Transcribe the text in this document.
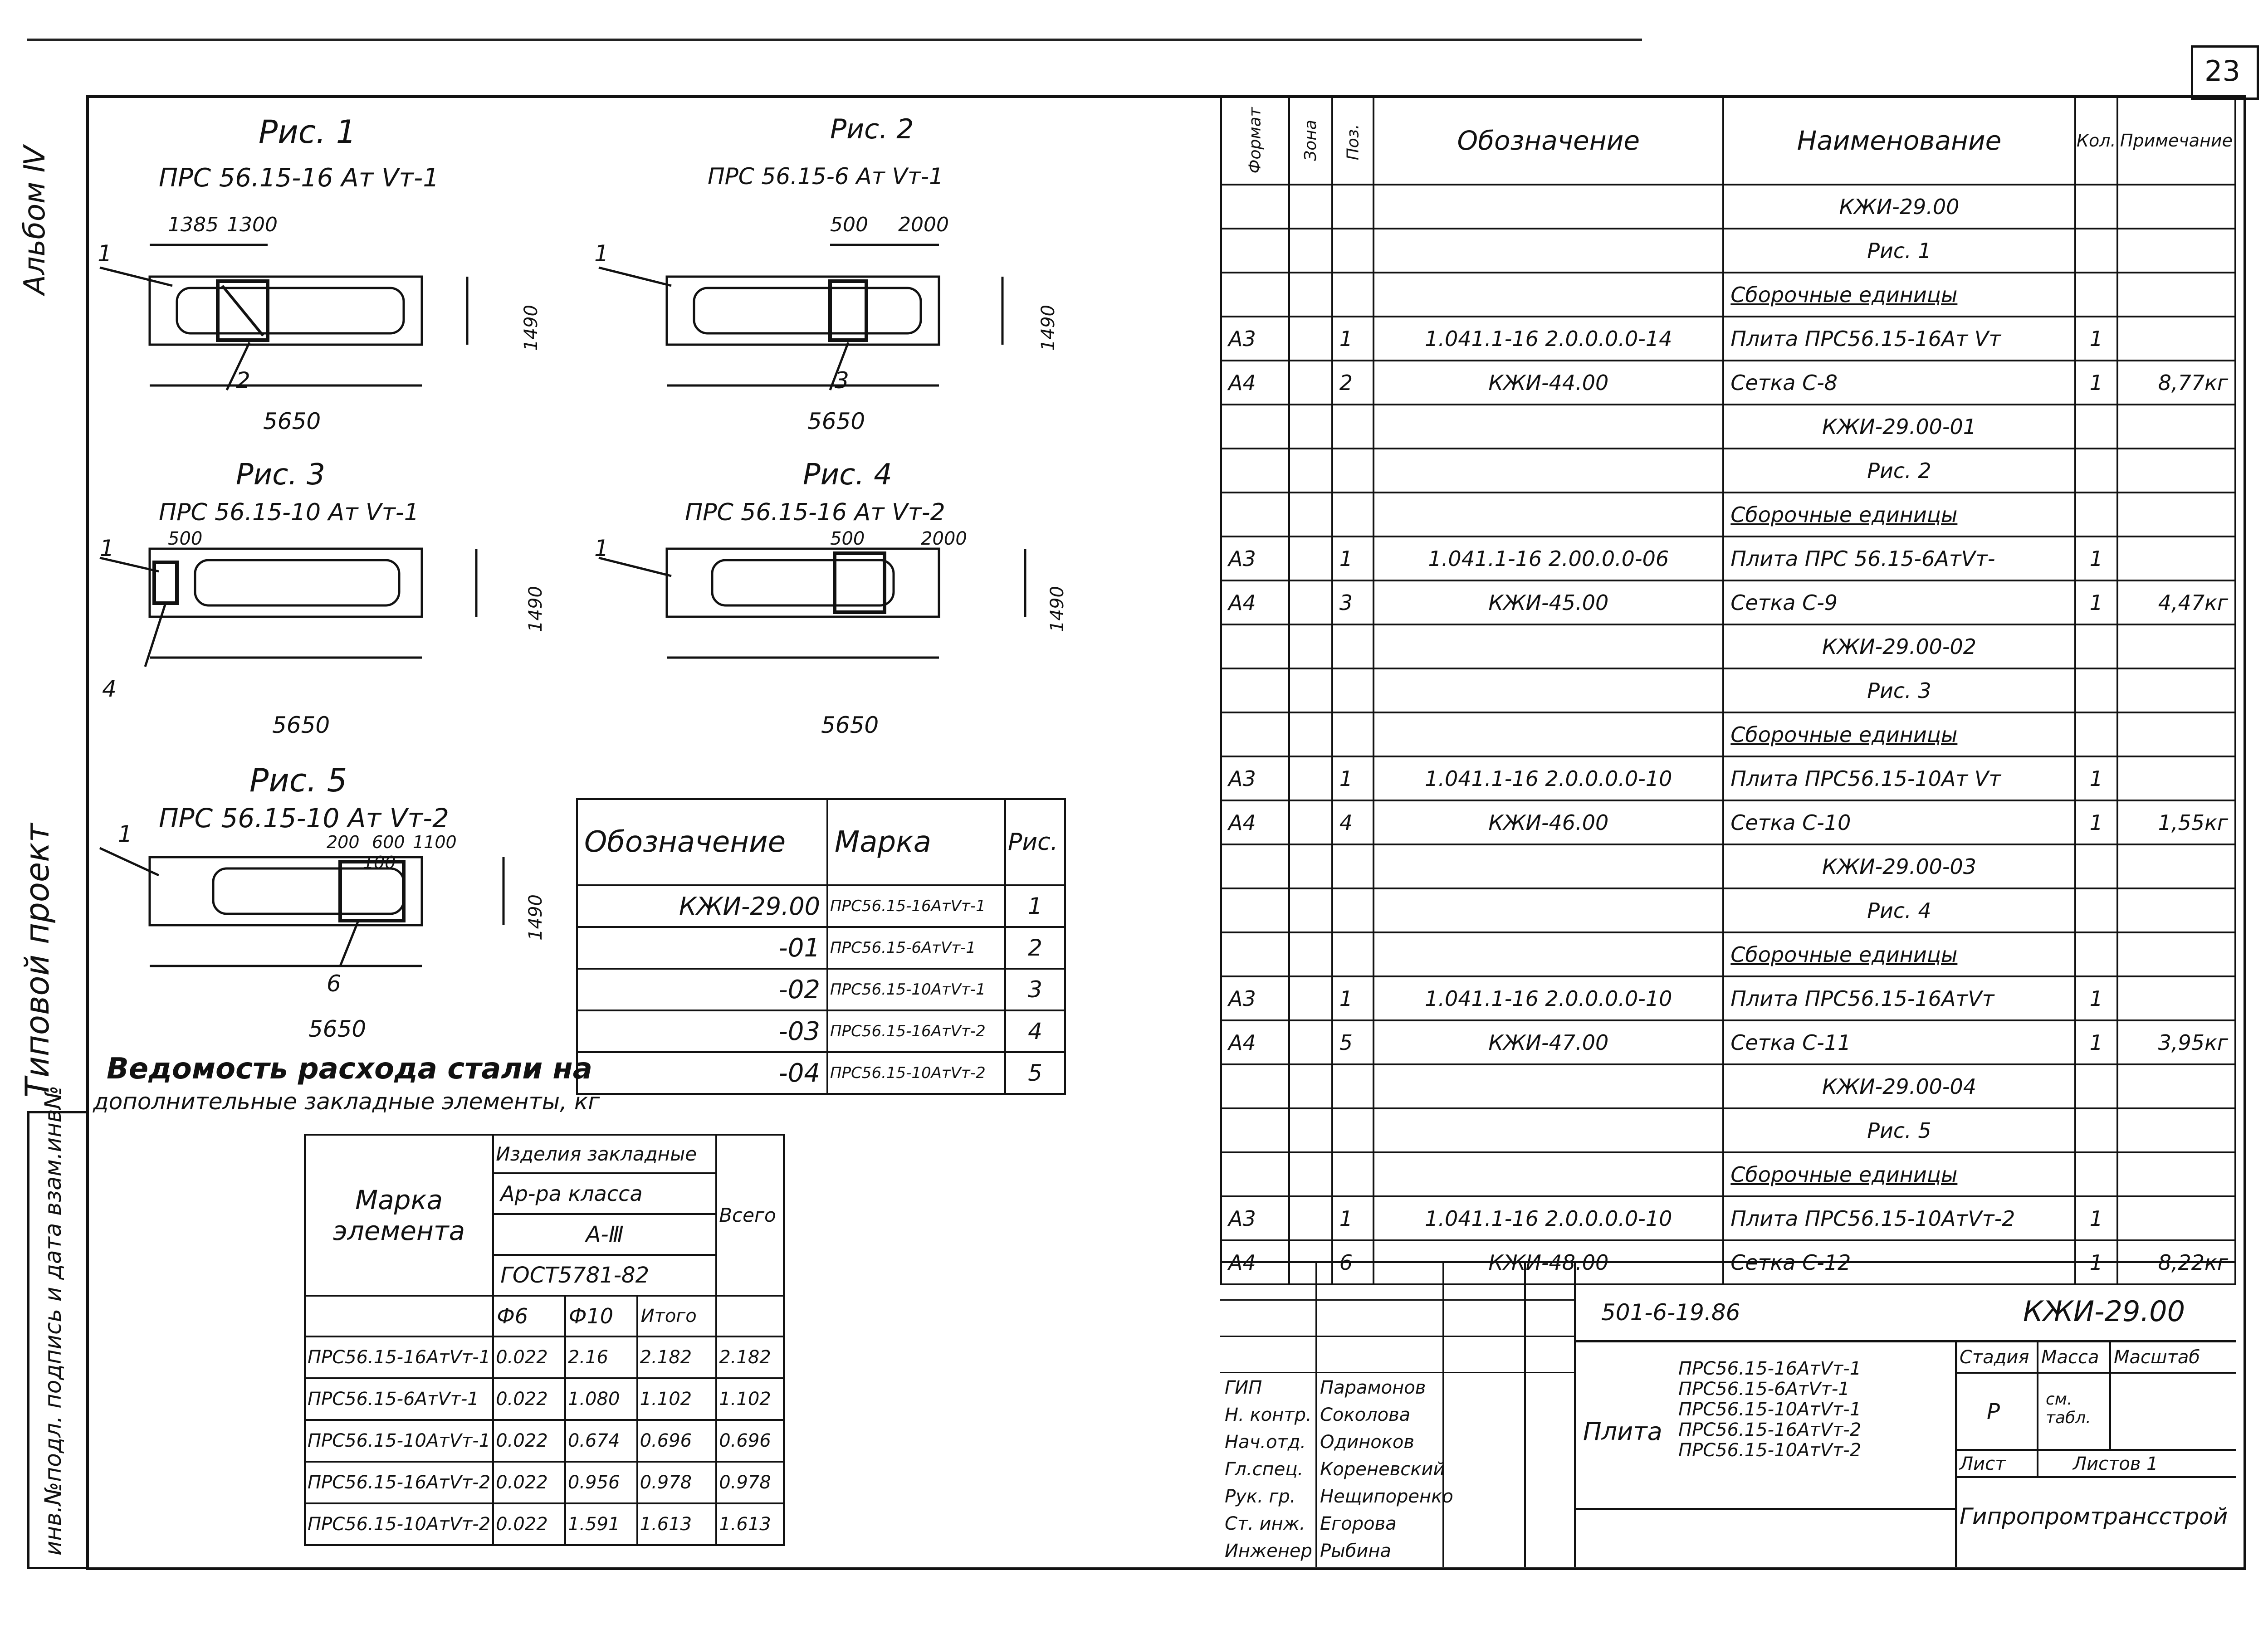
23
Альбом Ⅳ
Типовой проект
инв.№подл. подпись и дата взам.инв№
Рис. 1
ПРС 56.15-16 Ат Ⅴт-1
1385 1300
1490
5650
1
2
Рис. 2
ПРС 56.15-6 Ат Ⅴт-1
500 2000
1490
5650
1
3
Рис. 3
ПРС 56.15-10 Ат Ⅴт-1
500
1490
5650
1
4
Рис. 4
ПРС 56.15-16 Ат Ⅴт-2
500	2000
1490
5650
1
Рис. 5
ПРС 56.15-10 Ат Ⅴт-2
200 600 1100
100
1490
5650
1
6
Обозначение	Марка	Рис.
КЖИ-29.00	ПРС56.15-16АтⅤт-1	1
-01	ПРС56.15-6АтⅤт-1	2
-02	ПРС56.15-10АтⅤт-1	3
-03	ПРС56.15-16АтⅤт-2	4
-04	ПРС56.15-10АтⅤт-2	5
Ведомость расхода стали на
дополнительные закладные элементы, кг
Марка элемента	Изделия закладные			Всего
	Ар-ра класса			
	А-Ⅲ			
	ГОСТ5781-82			
	Ф6	Ф10	Итого	
ПРС56.15-16АтⅤт-1	0.022	2.16	2.182	2.182
ПРС56.15-6АтⅤт-1	0.022	1.080	1.102	1.102
ПРС56.15-10АтⅤт-1	0.022	0.674	0.696	0.696
ПРС56.15-16АтⅤт-2	0.022	0.956	0.978	0.978
ПРС56.15-10АтⅤт-2	0.022	1.591	1.613	1.613
Формат	Зона	Поз.	Обозначение	Наименование	Кол.	Примечание
				КЖИ-29.00		
				Рис. 1		
				Сборочные единицы		
А3		1	1.041.1-16 2.0.0.0.0-14	Плита ПРС56.15-16Ат Ⅴт	1	
А4		2	КЖИ-44.00	Сетка С-8	1	8,77кг
				КЖИ-29.00-01		
				Рис. 2		
				Сборочные единицы		
А3		1	1.041.1-16 2.00.0.0-06	Плита ПРС 56.15-6АтⅤт-	1	
А4		3	КЖИ-45.00	Сетка С-9	1	4,47кг
				КЖИ-29.00-02		
				Рис. 3		
				Сборочные единицы		
А3		1	1.041.1-16 2.0.0.0.0-10	Плита ПРС56.15-10Ат Ⅴт	1	
А4		4	КЖИ-46.00	Сетка С-10	1	1,55кг
				КЖИ-29.00-03		
				Рис. 4		
				Сборочные единицы		
А3		1	1.041.1-16 2.0.0.0.0-10	Плита ПРС56.15-16АтⅤт	1	
А4		5	КЖИ-47.00	Сетка С-11	1	3,95кг
				КЖИ-29.00-04		
				Рис. 5		
				Сборочные единицы		
А3		1	1.041.1-16 2.0.0.0.0-10	Плита ПРС56.15-10АтⅤт-2	1	
А4		6	КЖИ-48.00	Сетка С-12	1	8,22кг
501-6-19.86	КЖИ-29.00
Плита
ПРС56.15-16АтⅤт-1
ПРС56.15-6АтⅤт-1
ПРС56.15-10АтⅤт-1
ПРС56.15-16АтⅤт-2
ПРС56.15-10АтⅤт-2
Стадия Масса Масштаб
Р	см. табл.
Лист	Листов 1
Гипропромтрансстрой
ГИП	Парамонов
Н. контр. Соколова
Нач.отд. Одиноков
Гл.спец. Кореневский
Рук. гр. Нещипоренко
Ст. инж. Егорова
Инженер Рыбина
